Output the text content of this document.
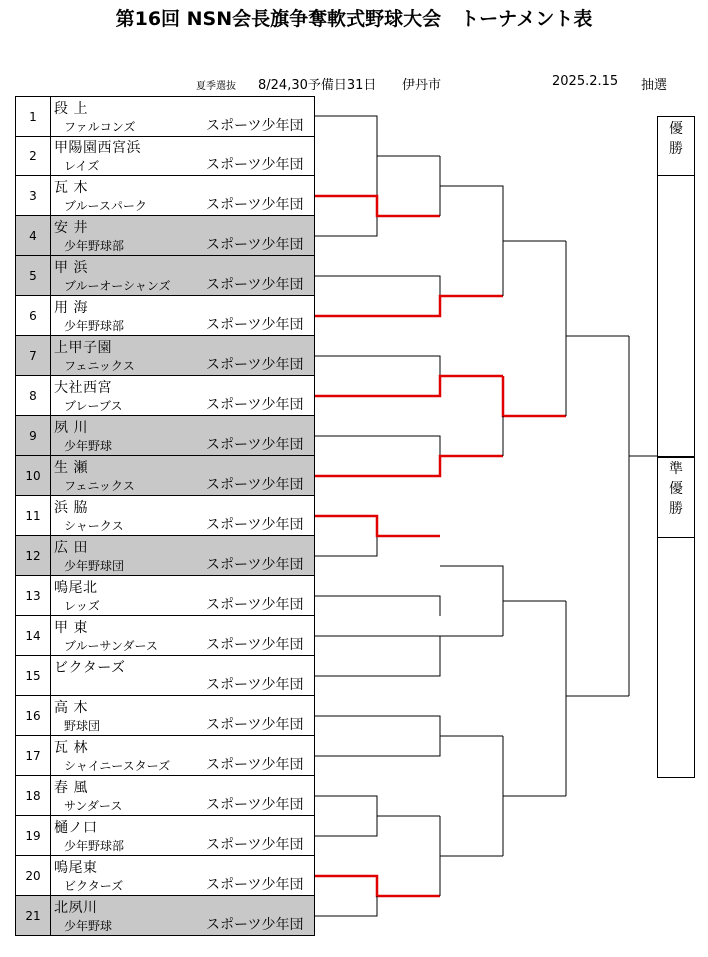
第16回 NSN会長旗争奪軟式野球大会　トーナメント表
夏季選抜 8/24,30予備日31日 伊丹市	2025.2.15 抽選
1	段 上
ファルコンズ	スポーツ少年団
2	甲陽園西宮浜
レイズ	スポーツ少年団
3	瓦 木
ブルースパーク	スポーツ少年団
4	安 井
少年野球部	スポーツ少年団
5	甲 浜
ブルーオーシャンズ	スポーツ少年団
6	用 海
少年野球部	スポーツ少年団
7	上甲子園
フェニックス	スポーツ少年団
8	大社西宮
ブレーブス	スポーツ少年団
9	夙 川
少年野球	スポーツ少年団
10 生 瀬
フェニックス	スポーツ少年団
11 浜 脇
シャークス	スポーツ少年団
12 広 田
少年野球団	スポーツ少年団
13 鳴尾北
レッズ	スポーツ少年団
14 甲 東
ブルーサンダース	スポーツ少年団
15 ビクターズ
スポーツ少年団
16 高 木
野球団	スポーツ少年団
17 瓦 林
シャイニースターズ	スポーツ少年団
18 春 風
サンダース	スポーツ少年団
19 樋ノ口
少年野球部	スポーツ少年団
20 鳴尾東
ビクターズ	スポーツ少年団
21 北夙川
少年野球	スポーツ少年団
優
勝
準
優
勝
